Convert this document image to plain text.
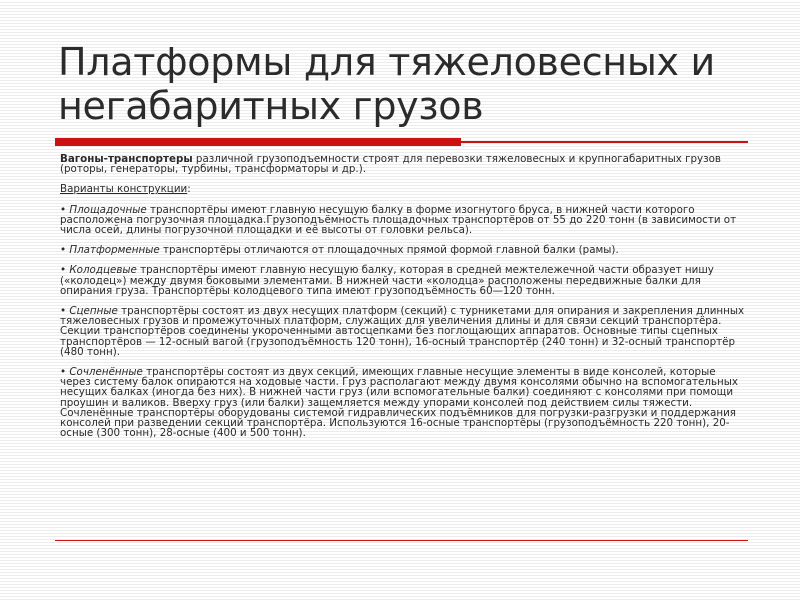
Платформы для тяжеловесных и негабаритных грузов

Вагоны-транспортеры различной грузоподъемности строят для перевозки тяжеловесных и крупногабаритных грузов (роторы, генераторы, турбины, трансформаторы и др.).

Варианты конструкции:

• Площадочные транспортёры имеют главную несущую балку в форме изогнутого бруса, в нижней части которого расположена погрузочная площадка.Грузоподъёмность площадочных транспортёров от 55 до 220 тонн (в зависимости от числа осей, длины погрузочной площадки и её высоты от головки рельса).

• Платформенные транспортёры отличаются от площадочных прямой формой главной балки (рамы).

• Колодцевые транспортёры имеют главную несущую балку, которая в средней межтележечной части образует нишу («колодец») между двумя боковыми элементами. В нижней части «колодца» расположены передвижные балки для опирания груза. Транспортёры колодцевого типа имеют грузоподъёмность 60—120 тонн.

• Сцепные транспортёры состоят из двух несущих платформ (секций) с турникетами для опирания и закрепления длинных тяжеловесных грузов и промежуточных платформ, служащих для увеличения длины и для связи секций транспортёра. Секции транспортёров соединены укороченными автосцепками без поглощающих аппаратов. Основные типы сцепных транспортёров — 12-осный вагой (грузоподъёмность 120 тонн), 16-осный транспортёр (240 тонн) и 32-осный транспортёр (480 тонн).

• Сочленённые транспортёры состоят из двух секций, имеющих главные несущие элементы в виде консолей, которые через систему балок опираются на ходовые части. Груз располагают между двумя консолями обычно на вспомогательных несущих балках (иногда без них). В нижней части груз (или вспомогательные балки) соединяют с консолями при помощи проушин и валиков. Вверху груз (или балки) защемляется между упорами консолей под действием силы тяжести. Сочленённые транспортёры оборудованы системой гидравлических подъёмников для погрузки-разгрузки и поддержания консолей при разведении секций транспортёра. Используются 16-осные транспортёры (грузоподъёмность 220 тонн), 20-осные (300 тонн), 28-осные (400 и 500 тонн).
